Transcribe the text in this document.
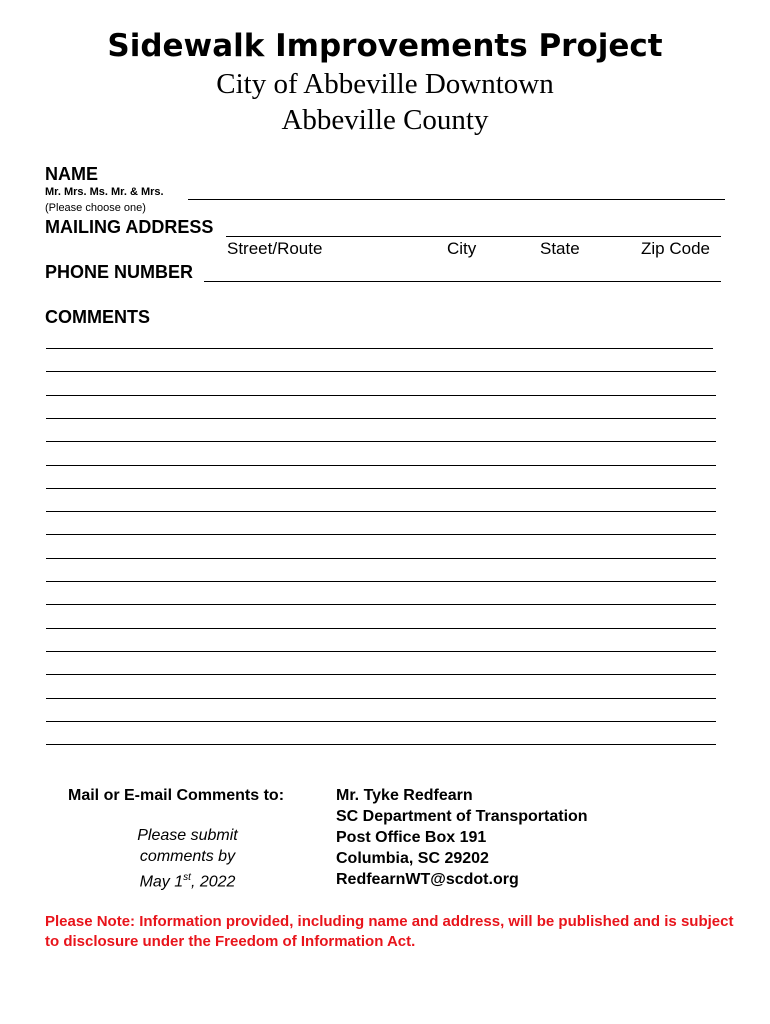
Sidewalk Improvements Project
City of Abbeville Downtown
Abbeville County
NAME
Mr. Mrs. Ms. Mr. & Mrs.
(Please choose one)
MAILING ADDRESS
Street/Route	City	State	Zip Code
PHONE NUMBER
COMMENTS
Mail or E-mail Comments to:
Please submit
comments by
May 1st, 2022
Mr. Tyke Redfearn
SC Department of Transportation
Post Office Box 191
Columbia, SC 29202
RedfearnWT@scdot.org
Please Note: Information provided, including name and address, will be published and is subject to disclosure under the Freedom of Information Act.
